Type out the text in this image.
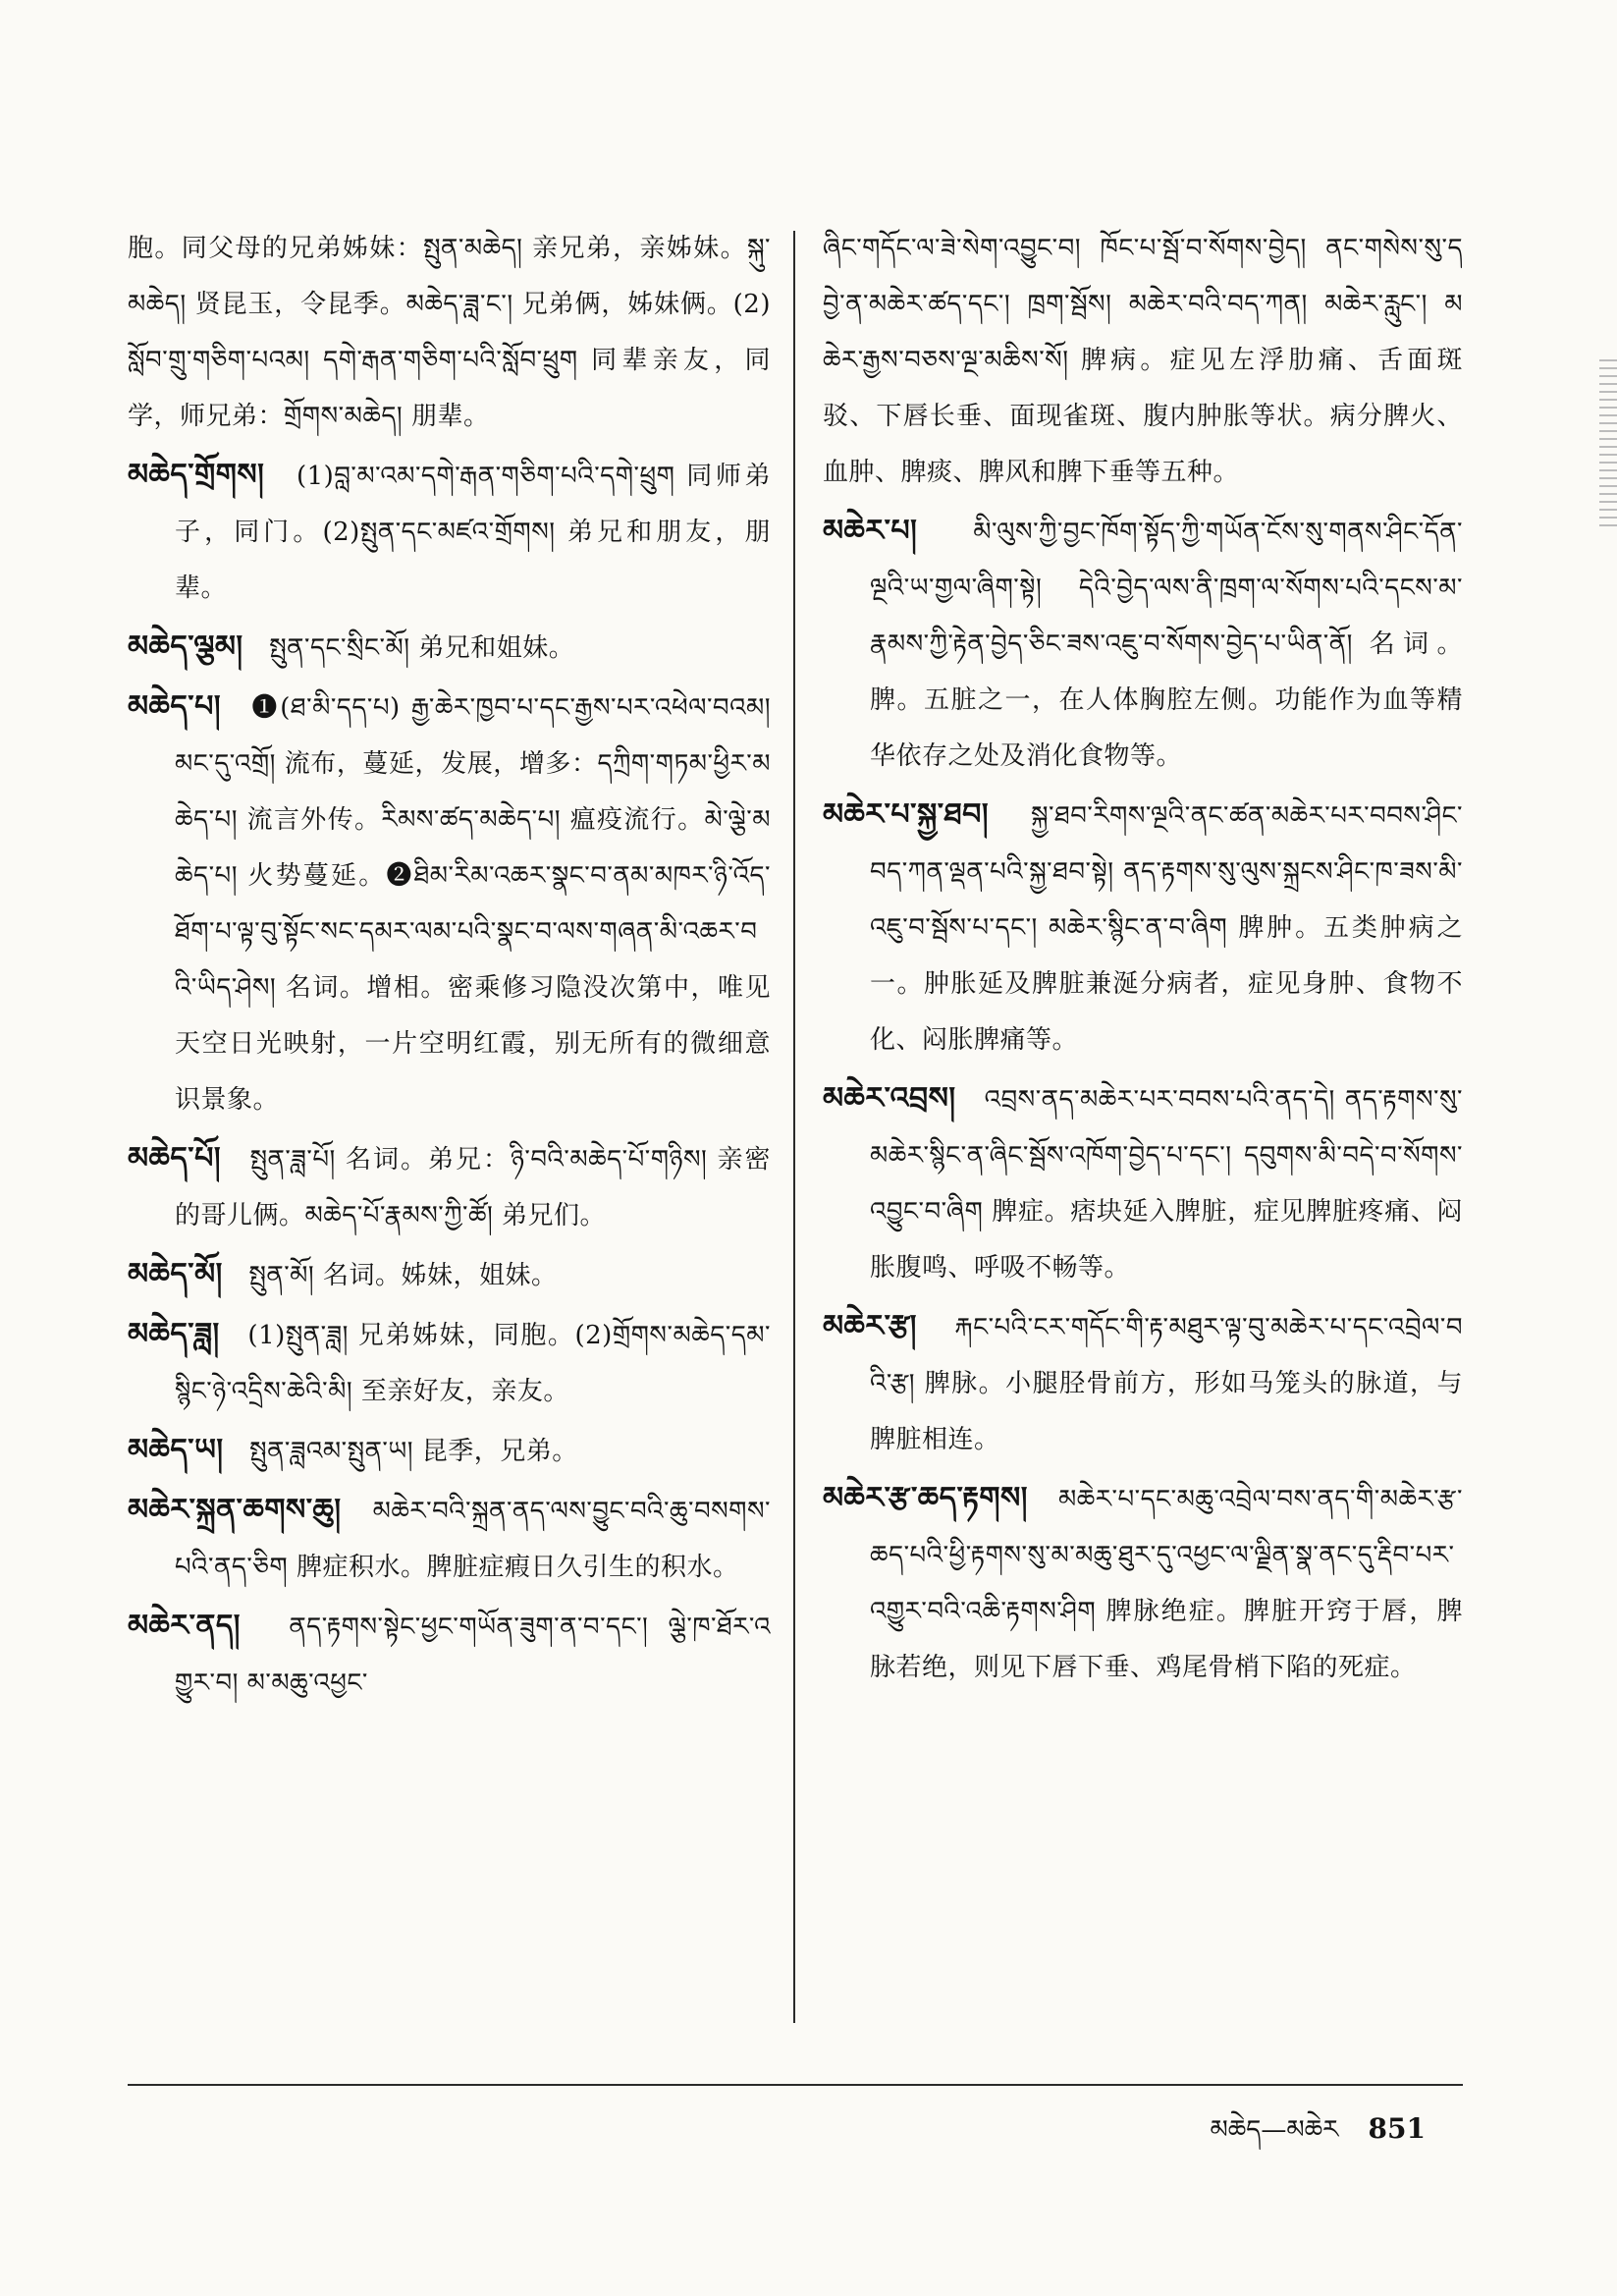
胞。同父母的兄弟姊妹：སྤུན་མཆེད། 亲兄弟，亲姊妹。སྐུ་མཆེད། 贤昆玉，令昆季。མཆེད་ཟླ་ང་། 兄弟俩，姊妹俩。(2)སློབ་གྲུ་གཅིག་པའམ། དགེ་རྒན་གཅིག་པའི་སློབ་ཕྲུག 同辈亲友，同学，师兄弟：གྲོགས་མཆེད། 朋辈。

མཆེད་གྲོགས།　 (1)བླ་མ་འམ་དགེ་རྒན་གཅིག་པའི་དགེ་ཕྲུག 同师弟子，同门。(2)སྤུན་དང་མཛའ་གྲོགས། 弟兄和朋友，朋辈。

མཆེད་ལྕམ།　 སྤུན་དང་སྲིང་མོ། 弟兄和姐妹。

མཆེད་པ།　 ❶(ཐ་མི་དད་པ) རྒྱ་ཆེར་ཁྱབ་པ་དང་རྒྱས་པར་འཕེལ་བའམ། མང་དུ་འགྲོ། 流布，蔓延，发展，增多：དཀྲིག་གཏམ་ཕྱིར་མཆེད་པ། 流言外传。རིམས་ཚད་མཆེད་པ། 瘟疫流行。མེ་ལྕེ་མཆེད་པ། 火势蔓延。❷ཐིམ་རིམ་འཆར་སྣང་བ་ནམ་མཁར་ཉི་འོད་ཐོག་པ་ལྟ་བུ་སྟོང་སང་དམར་ལམ་པའི་སྣང་བ་ལས་གཞན་མི་འཆར་བའི་ཡིད་ཤེས། 名词。增相。密乘修习隐没次第中，唯见天空日光映射，一片空明红霞，别无所有的微细意识景象。

མཆེད་པོ།　 སྤུན་ཟླ་པོ། 名词。弟兄：ཉི་བའི་མཆེད་པོ་གཉིས། 亲密的哥儿俩。མཆེད་པོ་རྣམས་ཀྱི་ཚོ། 弟兄们。

མཆེད་མོ།　 སྤུན་མོ། 名词。姊妹，姐妹。

མཆེད་ཟླ།　 (1)སྤུན་ཟླ། 兄弟姊妹，同胞。(2)གྲོགས་མཆེད་དམ་སྙིང་ཉེ་འདྲིས་ཆེའི་མི། 至亲好友，亲友。

མཆེད་ཡ།　 སྤུན་ཟླའམ་སྤུན་ཡ། 昆季，兄弟。

མཆེར་སྐྲན་ཆགས་ཆུ།　 མཆེར་བའི་སྐྲན་ནད་ལས་བྱུང་བའི་ཆུ་བསགས་པའི་ནད་ཅིག 脾症积水。脾脏症瘕日久引生的积水。

མཆེར་ནད།　 ནད་རྟགས་སྟེང་ཕྱང་གཡོན་ཟུག་ན་བ་དང་། ལྕེ་ཁ་ཐོར་འགྱུར་བ། མ་མཆུ་འཕྱང་

ཞིང་གདོང་ལ་ཟེ་སེག་འབྱུང་བ། ཁོང་པ་སྦོ་བ་སོགས་བྱེད། ནང་གསེས་སུ་དབྱེ་ན་མཆེར་ཚད་དང་། ཁྲག་སྦོས། མཆེར་བའི་བད་ཀན། མཆེར་རླུང་། མཆེར་རྒྱས་བཅས་ལྔ་མཆིས་སོ། 脾病。症见左浮肋痛、舌面斑驳、下唇长垂、面现雀斑、腹内肿胀等状。病分脾火、血肿、脾痰、脾风和脾下垂等五种。

མཆེར་པ།　 མི་ལུས་ཀྱི་བྱང་ཁོག་སྟོད་ཀྱི་གཡོན་ངོས་སུ་གནས་ཤིང་དོན་ལྔའི་ཡ་གྱལ་ཞིག་སྟེ། དེའི་བྱེད་ལས་ནི་ཁྲག་ལ་སོགས་པའི་དངས་མ་རྣམས་ཀྱི་རྟེན་བྱེད་ཅིང་ཟས་འཇུ་བ་སོགས་བྱེད་པ་ཡིན་ནོ། 名词。脾。五脏之一，在人体胸腔左侧。功能作为血等精华依存之处及消化食物等。

མཆེར་པ་སྐྱ་ཐབ།　 སྐྱ་ཐབ་རིགས་ལྔའི་ནང་ཚན་མཆེར་པར་བབས་ཤིང་བད་ཀན་ལྡན་པའི་སྐྱ་ཐབ་སྟེ། ནད་རྟགས་སུ་ལུས་སྐྲངས་ཤིང་ཁ་ཟས་མི་འཇུ་བ་སྦོས་པ་དང་། མཆེར་སྙིང་ན་བ་ཞིག 脾肿。五类肿病之一。肿胀延及脾脏兼涎分病者，症见身肿、食物不化、闷胀脾痛等。

མཆེར་འབྲས།　 འབྲས་ནད་མཆེར་པར་བབས་པའི་ནད་དེ། ནད་རྟགས་སུ་མཆེར་སྙིང་ན་ཞིང་སྦོས་འཁོག་བྱེད་པ་དང་། དབུགས་མི་བདེ་བ་སོགས་འབྱུང་བ་ཞིག 脾症。痞块延入脾脏，症见脾脏疼痛、闷胀腹鸣、呼吸不畅等。

མཆེར་རྩ།　 རྐང་པའི་ངར་གདོང་གི་རྟ་མཐུར་ལྟ་བུ་མཆེར་པ་དང་འབྲེལ་བའི་རྩ། 脾脉。小腿胫骨前方，形如马笼头的脉道，与脾脏相连。

མཆེར་རྩ་ཆད་རྟགས།　 མཆེར་པ་དང་མཆུ་འབྲེལ་བས་ནད་གི་མཆེར་རྩ་ཆད་པའི་ཕྱི་རྟགས་སུ་མ་མཆུ་ཐུར་དུ་འཕྱང་ལ་ལྗིན་སྣ་ནང་དུ་རྡིབ་པར་འགྱུར་བའི་འཆི་རྟགས་ཤིག 脾脉绝症。脾脏开窍于唇，脾脉若绝，则见下唇下垂、鸡尾骨梢下陷的死症。

མཆེད—མཆེར 851
